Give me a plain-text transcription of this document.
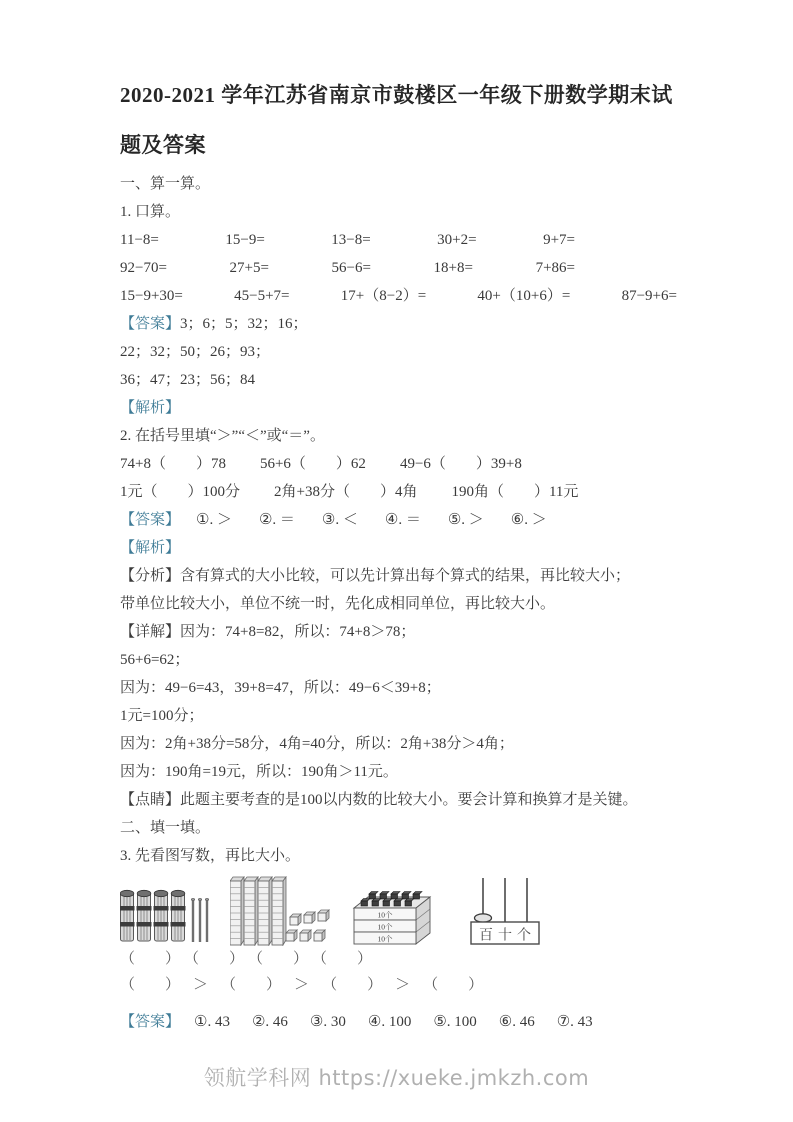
2020-2021 学年江苏省南京市鼓楼区一年级下册数学期末试题及答案
一、算一算。
1. 口算。
11−8=	15−9=	13−8=	30+2=	9+7=
92−70=	27+5=	56−6=	18+8=	7+86=
15−9+30=	45−5+7=	17+（8−2）=	40+（10+6）=	87−9+6=
【答案】3；6；5；32；16；
22；32；50；26；93；
36；47；23；56；84
【解析】
2. 在括号里填“＞”“＜”或“＝”。
74+8（　　）78 56+6（　　）62 49−6（　　）39+8
1元（　　）100分 2角+38分（　　）4角 190角（　　）11元
【答案】 ①. ＞ ②. ＝ ③. ＜ ④. ＝ ⑤. ＞ ⑥. ＞
【解析】
【分析】含有算式的大小比较，可以先计算出每个算式的结果，再比较大小；
带单位比较大小，单位不统一时，先化成相同单位，再比较大小。
【详解】因为：74+8=82，所以：74+8＞78；
56+6=62；
因为：49−6=43，39+8=47，所以：49−6＜39+8；
1元=100分；
因为：2角+38分=58分，4角=40分，所以：2角+38分＞4角；
因为：190角=19元，所以：190角＞11元。
【点睛】此题主要考查的是100以内数的比较大小。要会计算和换算才是关键。
二、填一填。
3. 先看图写数，再比大小。
10个
10个
10个	百十个
（　　） （　　） （　　） （　　）
（　　） ＞ （　　） ＞ （　　） ＞ （　　）
【答案】 ①. 43 ②. 46 ③. 30 ④. 100 ⑤. 100 ⑥. 46 ⑦. 43
领航学科网 https://xueke.jmkzh.com
